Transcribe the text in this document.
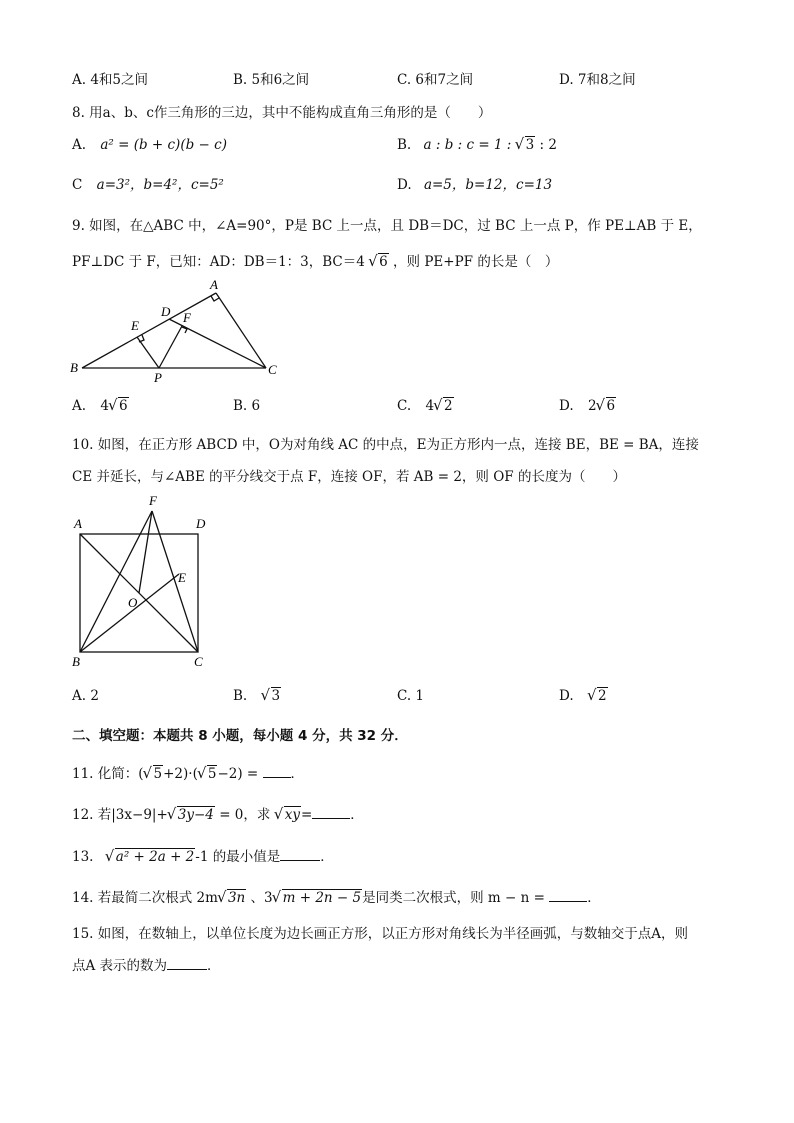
A. 4和5之间	B. 5和6之间	C. 6和7之间	D. 7和8之间
8. 用a、b、c作三角形的三边，其中不能构成直角三角形的是（　　）
A. a² = (b + c)(b − c)	B. a : b : c = 1 : √ 3 : 2
C a=3²，b=4²，c=5²	D. a=5，b=12，c=13
9. 如图，在△ABC 中，∠A=90°，P是 BC 上一点，且 DB＝DC，过 BC 上一点 P，作 PE⊥AB 于 E，
PF⊥DC 于 F，已知：AD：DB＝1：3，BC＝4 √ 6 ，则 PE+PF 的长是（　）
A
B	C
D
E
F
P
A. 4 √ 6	B. 6	C. 4 √ 2	D. 2 √ 6
10. 如图，在正方形 ABCD 中，O为对角线 AC 的中点，E为正方形内一点，连接 BE，BE = BA，连接
CE 并延长，与∠ABE 的平分线交于点 F，连接 OF，若 AB = 2，则 OF 的长度为（　　）
A
B	C
D
E
F
O
A. 2	B. √ 3	C. 1	D. √ 2
二、填空题：本题共 8 小题，每小题 4 分，共 32 分．
11. 化简：( √ 5+2)·( √ 5−2) = ．
12. 若|3x−9|+ √ 3y−4 = 0，求 √ xy=	．
13. √ a² + 2a + 2-1 的最小值是	．
14. 若最简二次根式 2m √ 3n 、3 √ m + 2n − 5是同类二次根式，则 m − n =	．
15. 如图，在数轴上，以单位长度为边长画正方形，以正方形对角线长为半径画弧，与数轴交于点A，则
点A 表示的数为	．
